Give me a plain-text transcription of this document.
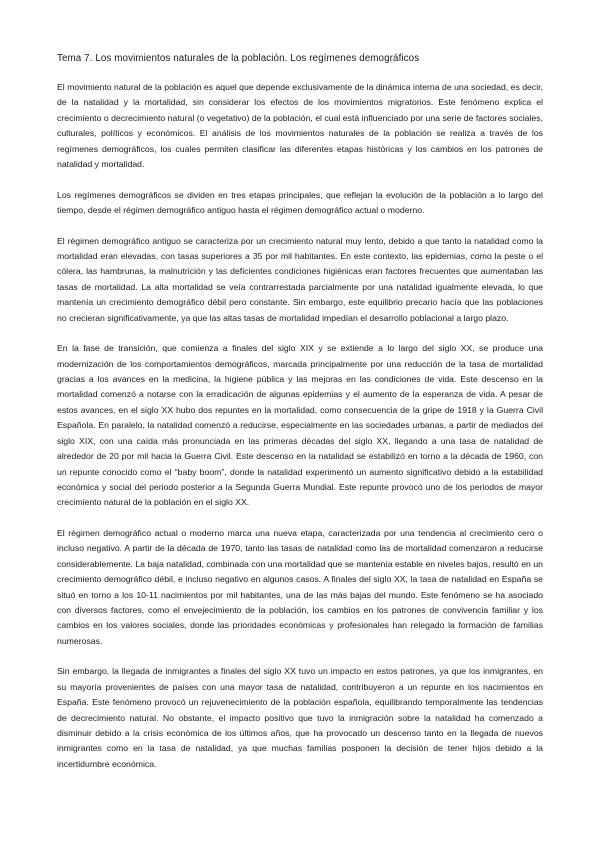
Tema 7. Los movimientos naturales de la población. Los regímenes demográficos
El movimiento natural de la población es aquel que depende exclusivamente de la dinámica interna de una sociedad, es decir, de la natalidad y la mortalidad, sin considerar los efectos de los movimientos migratorios. Este fenómeno explica el crecimiento o decrecimiento natural (o vegetativo) de la población, el cual está influenciado por una serie de factores sociales, culturales, políticos y económicos. El análisis de los movimientos naturales de la población se realiza a través de los regímenes demográficos, los cuales permiten clasificar las diferentes etapas históricas y los cambios en los patrones de natalidad y mortalidad.
Los regímenes demográficos se dividen en tres etapas principales, que reflejan la evolución de la población a lo largo del tiempo, desde el régimen demográfico antiguo hasta el régimen demográfico actual o moderno.
El régimen demográfico antiguo se caracteriza por un crecimiento natural muy lento, debido a que tanto la natalidad como la mortalidad eran elevadas, con tasas superiores a 35 por mil habitantes. En este contexto, las epidemias, como la peste o el cólera, las hambrunas, la malnutrición y las deficientes condiciones higiénicas eran factores frecuentes que aumentaban las tasas de mortalidad. La alta mortalidad se veía contrarrestada parcialmente por una natalidad igualmente elevada, lo que mantenía un crecimiento demográfico débil pero constante. Sin embargo, este equilibrio precario hacía que las poblaciones no crecieran significativamente, ya que las altas tasas de mortalidad impedían el desarrollo poblacional a largo plazo.
En la fase de transición, que comienza a finales del siglo XIX y se extiende a lo largo del siglo XX, se produce una modernización de los comportamientos demográficos, marcada principalmente por una reducción de la tasa de mortalidad gracias a los avances en la medicina, la higiene pública y las mejoras en las condiciones de vida. Este descenso en la mortalidad comenzó a notarse con la erradicación de algunas epidemias y el aumento de la esperanza de vida. A pesar de estos avances, en el siglo XX hubo dos repuntes en la mortalidad, como consecuencia de la gripe de 1918 y la Guerra Civil Española. En paralelo, la natalidad comenzó a reducirse, especialmente en las sociedades urbanas, a partir de mediados del siglo XIX, con una caída más pronunciada en las primeras décadas del siglo XX, llegando a una tasa de natalidad de alrededor de 20 por mil hacia la Guerra Civil. Este descenso en la natalidad se estabilizó en torno a la década de 1960, con un repunte conocido como el "baby boom", donde la natalidad experimentó un aumento significativo debido a la estabilidad económica y social del periodo posterior a la Segunda Guerra Mundial. Este repunte provocó uno de los periodos de mayor crecimiento natural de la población en el siglo XX.
El régimen demográfico actual o moderno marca una nueva etapa, caracterizada por una tendencia al crecimiento cero o incluso negativo. A partir de la década de 1970, tanto las tasas de natalidad como las de mortalidad comenzaron a reducirse considerablemente. La baja natalidad, combinada con una mortalidad que se mantenía estable en niveles bajos, resultó en un crecimiento demográfico débil, e incluso negativo en algunos casos. A finales del siglo XX, la tasa de natalidad en España se situó en torno a los 10-11 nacimientos por mil habitantes, una de las más bajas del mundo. Este fenómeno se ha asociado con diversos factores, como el envejecimiento de la población, los cambios en los patrones de convivencia familiar y los cambios en los valores sociales, donde las prioridades económicas y profesionales han relegado la formación de familias numerosas.
Sin embargo, la llegada de inmigrantes a finales del siglo XX tuvo un impacto en estos patrones, ya que los inmigrantes, en su mayoría provenientes de países con una mayor tasa de natalidad, contribuyeron a un repunte en los nacimientos en España. Este fenómeno provocó un rejuvenecimiento de la población española, equilibrando temporalmente las tendencias de decrecimiento natural. No obstante, el impacto positivo que tuvo la inmigración sobre la natalidad ha comenzado a disminuir debido a la crisis económica de los últimos años, que ha provocado un descenso tanto en la llegada de nuevos inmigrantes como en la tasa de natalidad, ya que muchas familias posponen la decisión de tener hijos debido a la incertidumbre económica.
